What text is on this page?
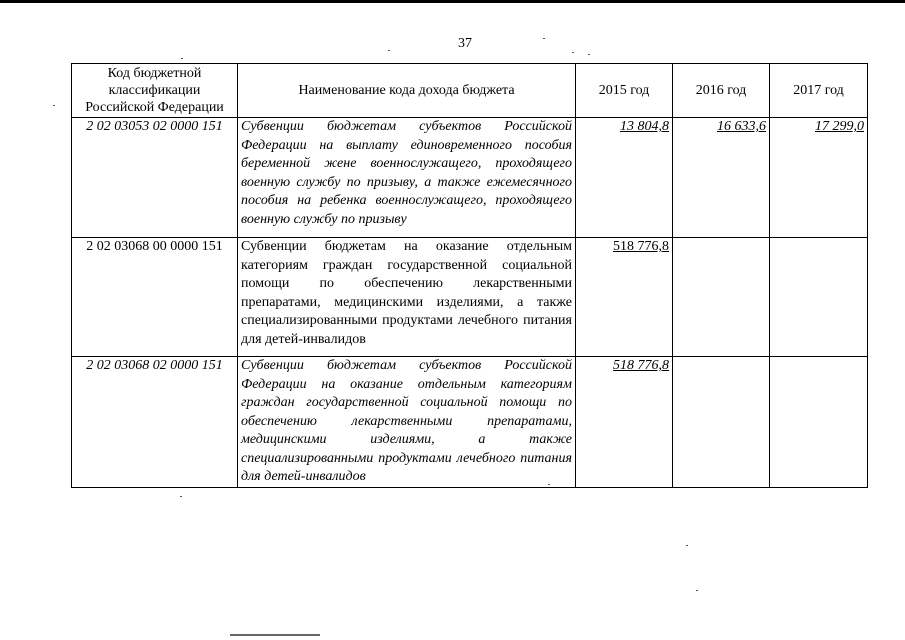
37
Код бюджетной классификации Российской Федерации	Наименование кода дохода бюджета	2015 год	2016 год	2017 год
2 02 03053 02 0000 151	Субвенции бюджетам субъектов Российской Федерации на выплату единовременного пособия беременной жене военнослужащего, проходящего военную службу по призыву, а также ежемесячного пособия на ребенка военнослужащего, проходящего военную службу по призыву	13 804,8	16 633,6	17 299,0
2 02 03068 00 0000 151	Субвенции бюджетам на оказание отдельным категориям граждан государственной социальной помощи по обеспечению лекарственными препаратами, медицинскими изделиями, а также специализированными продуктами лечебного питания для детей-инвалидов	518 776,8		
2 02 03068 02 0000 151	Субвенции бюджетам субъектов Российской Федерации на оказание отдельным категориям граждан государственной социальной помощи по обеспечению лекарственными препаратами, медицинскими изделиями, а также специализированными продуктами лечебного питания для детей-инвалидов	518 776,8		
